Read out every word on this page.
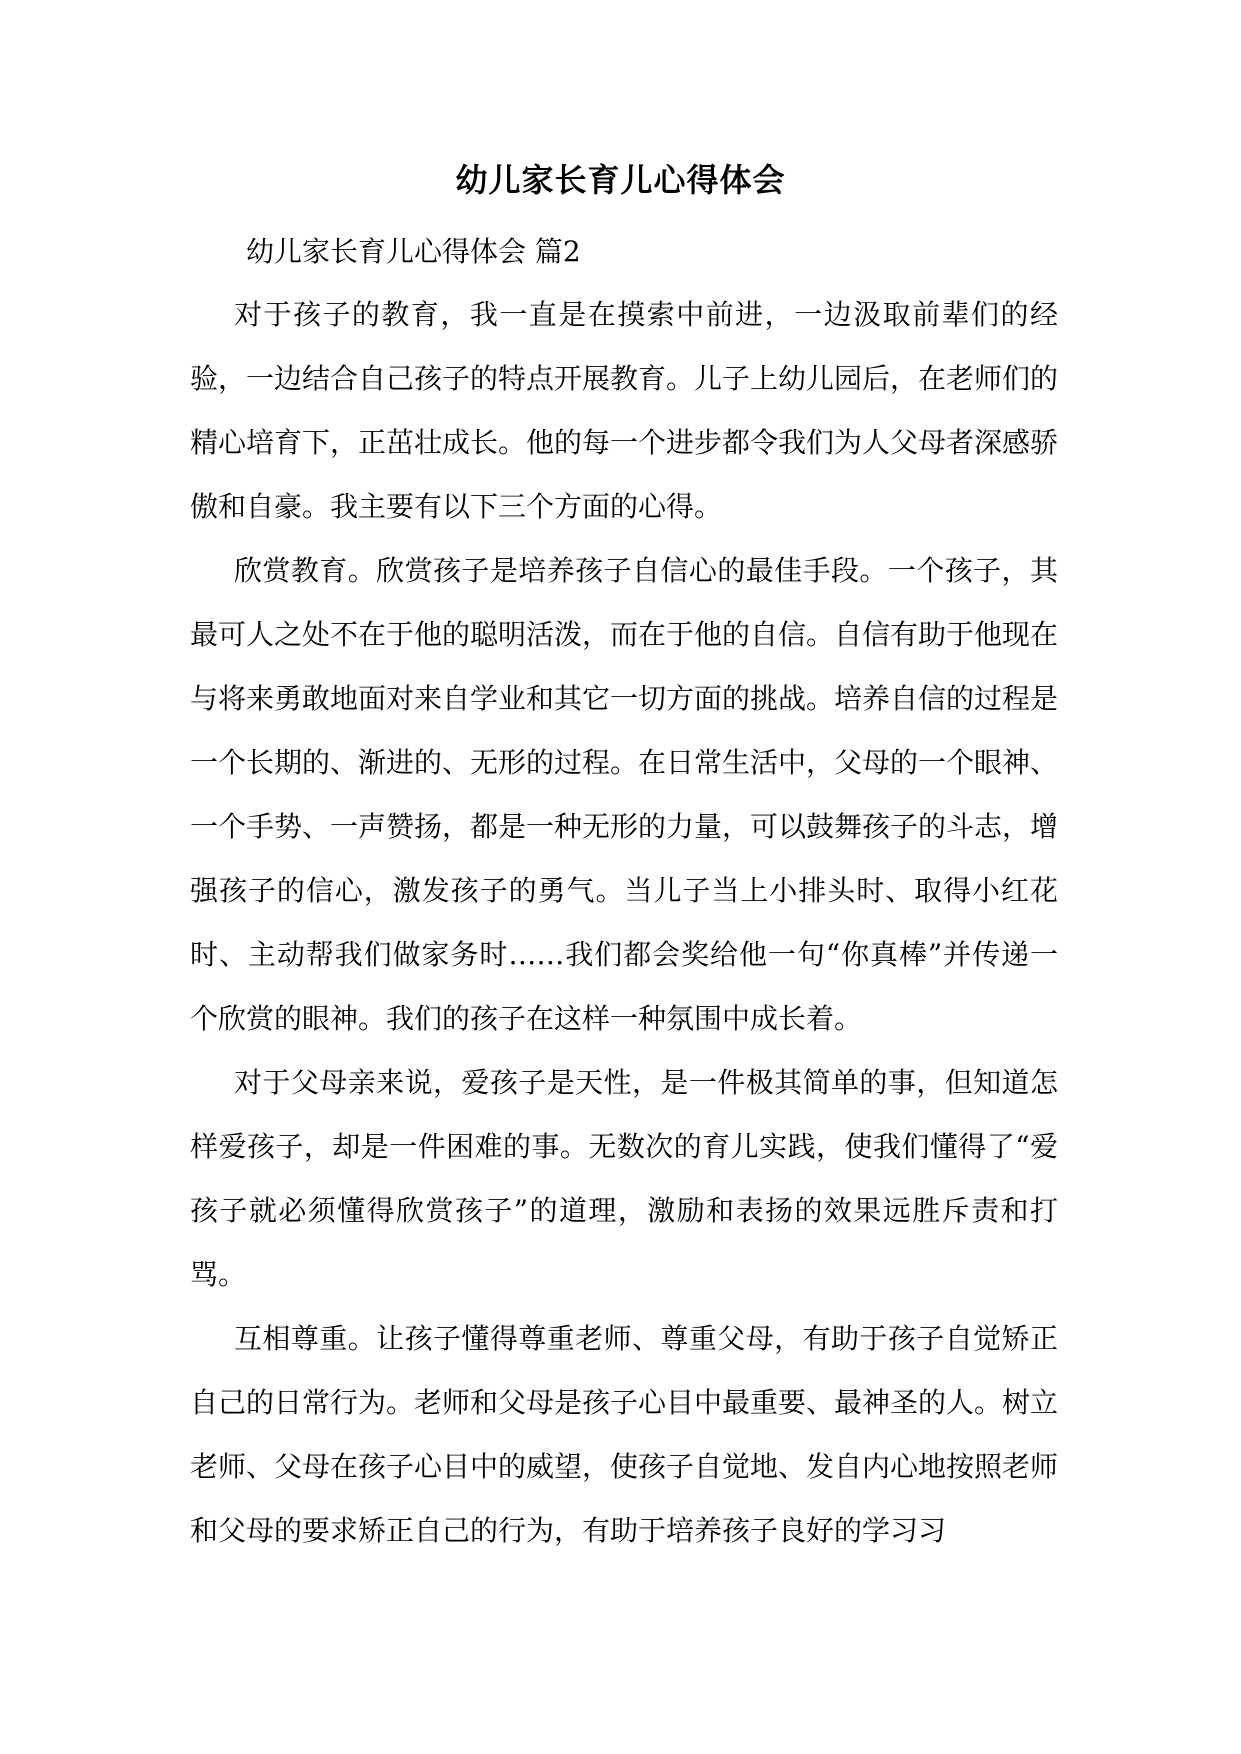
幼儿家长育儿心得体会
幼儿家长育儿心得体会 篇2

对于孩子的教育，我一直是在摸索中前进，一边汲取前辈们的经验，一边结合自己孩子的特点开展教育。儿子上幼儿园后，在老师们的精心培育下，正茁壮成长。他的每一个进步都令我们为人父母者深感骄傲和自豪。我主要有以下三个方面的心得。

欣赏教育。欣赏孩子是培养孩子自信心的最佳手段。一个孩子，其最可人之处不在于他的聪明活泼，而在于他的自信。自信有助于他现在与将来勇敢地面对来自学业和其它一切方面的挑战。培养自信的过程是一个长期的、渐进的、无形的过程。在日常生活中，父母的一个眼神、一个手势、一声赞扬，都是一种无形的力量，可以鼓舞孩子的斗志，增强孩子的信心，激发孩子的勇气。当儿子当上小排头时、取得小红花时、主动帮我们做家务时……我们都会奖给他一句“你真棒”并传递一个欣赏的眼神。我们的孩子在这样一种氛围中成长着。

对于父母亲来说，爱孩子是天性，是一件极其简单的事，但知道怎样爱孩子，却是一件困难的事。无数次的育儿实践，使我们懂得了“爱孩子就必须懂得欣赏孩子”的道理，激励和表扬的效果远胜斥责和打骂。

互相尊重。让孩子懂得尊重老师、尊重父母，有助于孩子自觉矫正自己的日常行为。老师和父母是孩子心目中最重要、最神圣的人。树立老师、父母在孩子心目中的威望，使孩子自觉地、发自内心地按照老师和父母的要求矫正自己的行为，有助于培养孩子良好的学习习
